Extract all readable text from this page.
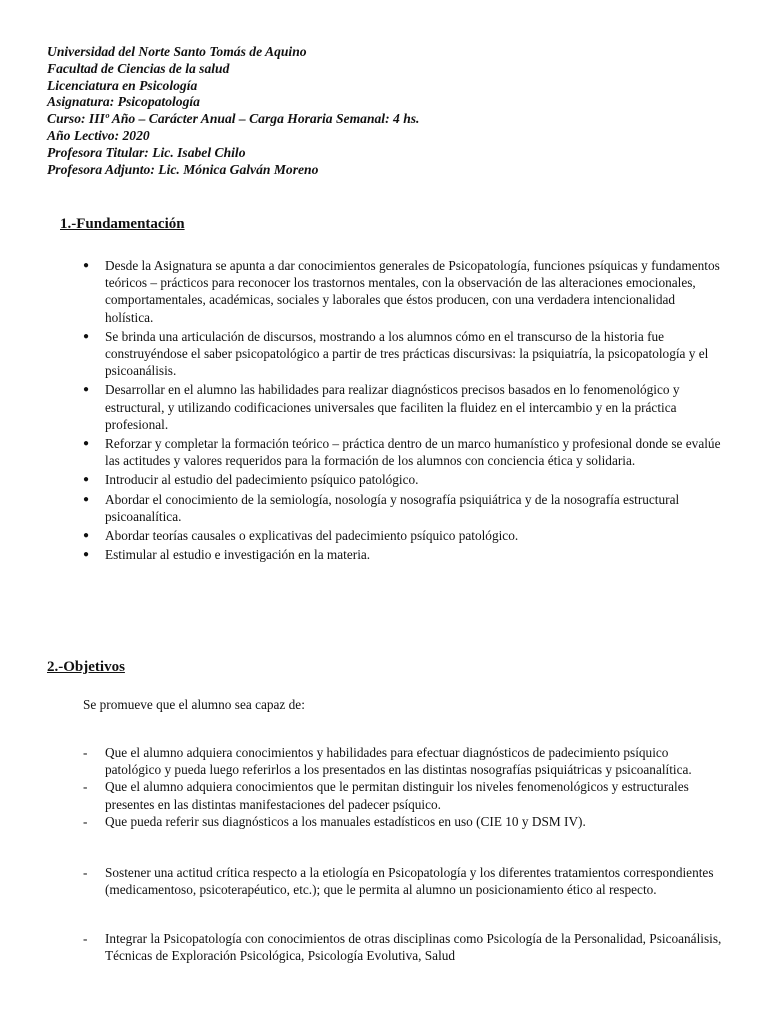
Universidad del Norte Santo Tomás de Aquino
Facultad de Ciencias de la salud
Licenciatura en Psicología
Asignatura: Psicopatología
Curso: IIIº Año – Carácter Anual – Carga Horaria Semanal: 4 hs.
Año Lectivo: 2020
Profesora Titular: Lic. Isabel Chilo
Profesora Adjunto: Lic. Mónica Galván Moreno
1.-Fundamentación
● Desde la Asignatura se apunta a dar conocimientos generales de Psicopatología, funciones psíquicas y fundamentos teóricos – prácticos para reconocer los trastornos mentales, con la observación de las alteraciones emocionales, comportamentales, académicas, sociales y laborales que éstos producen, con una verdadera intencionalidad holística.
● Se brinda una articulación de discursos, mostrando a los alumnos cómo en el transcurso de la historia fue construyéndose el saber psicopatológico a partir de tres prácticas discursivas: la psiquiatría, la psicopatología y el psicoanálisis.
● Desarrollar en el alumno las habilidades para realizar diagnósticos precisos basados en lo fenomenológico y estructural, y utilizando codificaciones universales que faciliten la fluidez en el intercambio y en la práctica profesional.
● Reforzar y completar la formación teórico – práctica dentro de un marco humanístico y profesional donde se evalúe las actitudes y valores requeridos para la formación de los alumnos con conciencia ética y solidaria.
● Introducir al estudio del padecimiento psíquico patológico.
● Abordar el conocimiento de la semiología, nosología y nosografía psiquiátrica y de la nosografía estructural psicoanalítica.
● Abordar teorías causales o explicativas del padecimiento psíquico patológico.
● Estimular al estudio e investigación en la materia.
2.-Objetivos
Se promueve que el alumno sea capaz de:
- Que el alumno adquiera conocimientos y habilidades para efectuar diagnósticos de padecimiento psíquico patológico y pueda luego referirlos a los presentados en las distintas nosografías psiquiátricas y psicoanalítica.
- Que el alumno adquiera conocimientos que le permitan distinguir los niveles fenomenológicos y estructurales presentes en las distintas manifestaciones del padecer psíquico.
- Que pueda referir sus diagnósticos a los manuales estadísticos en uso (CIE 10 y DSM IV).
- Sostener una actitud crítica respecto a la etiología en Psicopatología y los diferentes tratamientos correspondientes (medicamentoso, psicoterapéutico, etc.); que le permita al alumno un posicionamiento ético al respecto.
- Integrar la Psicopatología con conocimientos de otras disciplinas como Psicología de la Personalidad, Psicoanálisis, Técnicas de Exploración Psicológica, Psicología Evolutiva, Salud
